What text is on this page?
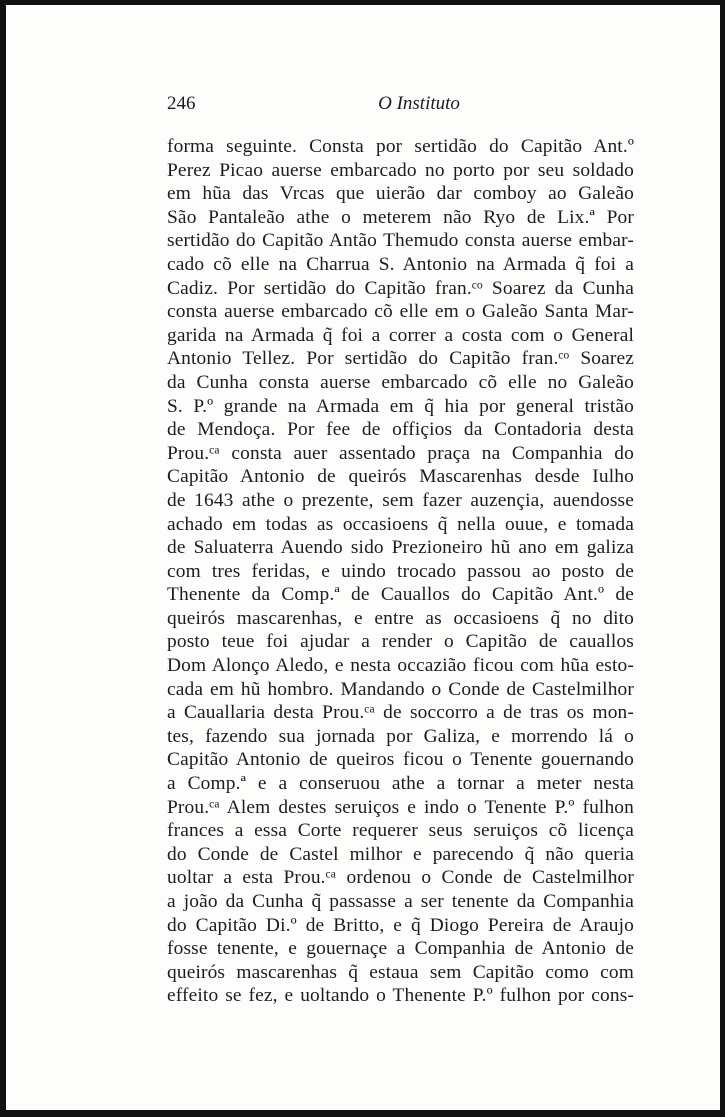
246	O Instituto
forma seguinte. Consta por sertidão do Capitão Ant.º
Perez Picao auerse embarcado no porto por seu soldado
em hũa das Vrcas que uierão dar comboy ao Galeão
São Pantaleão athe o meterem não Ryo de Lix.ª Por
sertidão do Capitão Antão Themudo consta auerse embar-
cado cõ elle na Charrua S. Antonio na Armada q̃ foi a
Cadiz. Por sertidão do Capitão fran.ᶜᵒ Soarez da Cunha
consta auerse embarcado cõ elle em o Galeão Santa Mar-
garida na Armada q̃ foi a correr a costa com o General
Antonio Tellez. Por sertidão do Capitão fran.ᶜᵒ Soarez
da Cunha consta auerse embarcado cõ elle no Galeão
S. P.º grande na Armada em q̃ hia por general tristão
de Mendoça. Por fee de offiçios da Contadoria desta
Prou.ᶜᵃ consta auer assentado praça na Companhia do
Capitão Antonio de queirós Mascarenhas desde Iulho
de 1643 athe o prezente, sem fazer auzençia, auendosse
achado em todas as occasioens q̃ nella ouue, e tomada
de Saluaterra Auendo sido Prezioneiro hũ ano em galiza
com tres feridas, e uindo trocado passou ao posto de
Thenente da Comp.ª de Cauallos do Capitão Ant.º de
queirós mascarenhas, e entre as occasioens q̃ no dito
posto teue foi ajudar a render o Capitão de cauallos
Dom Alonço Aledo, e nesta occazião ficou com hũa esto-
cada em hũ hombro. Mandando o Conde de Castelmilhor
a Cauallaria desta Prou.ᶜᵃ de soccorro a de tras os mon-
tes, fazendo sua jornada por Galiza, e morrendo lá o
Capitão Antonio de queiros ficou o Tenente gouernando
a Comp.ª e a conseruou athe a tornar a meter nesta
Prou.ᶜᵃ Alem destes seruiços e indo o Tenente P.º fulhon
frances a essa Corte requerer seus seruiços cõ licença
do Conde de Castel milhor e parecendo q̃ não queria
uoltar a esta Prou.ᶜᵃ ordenou o Conde de Castelmilhor
a joão da Cunha q̃ passasse a ser tenente da Companhia
do Capitão Di.º de Britto, e q̃ Diogo Pereira de Araujo
fosse tenente, e gouernaçe a Companhia de Antonio de
queirós mascarenhas q̃ estaua sem Capitão como com
effeito se fez, e uoltando o Thenente P.º fulhon por cons-
